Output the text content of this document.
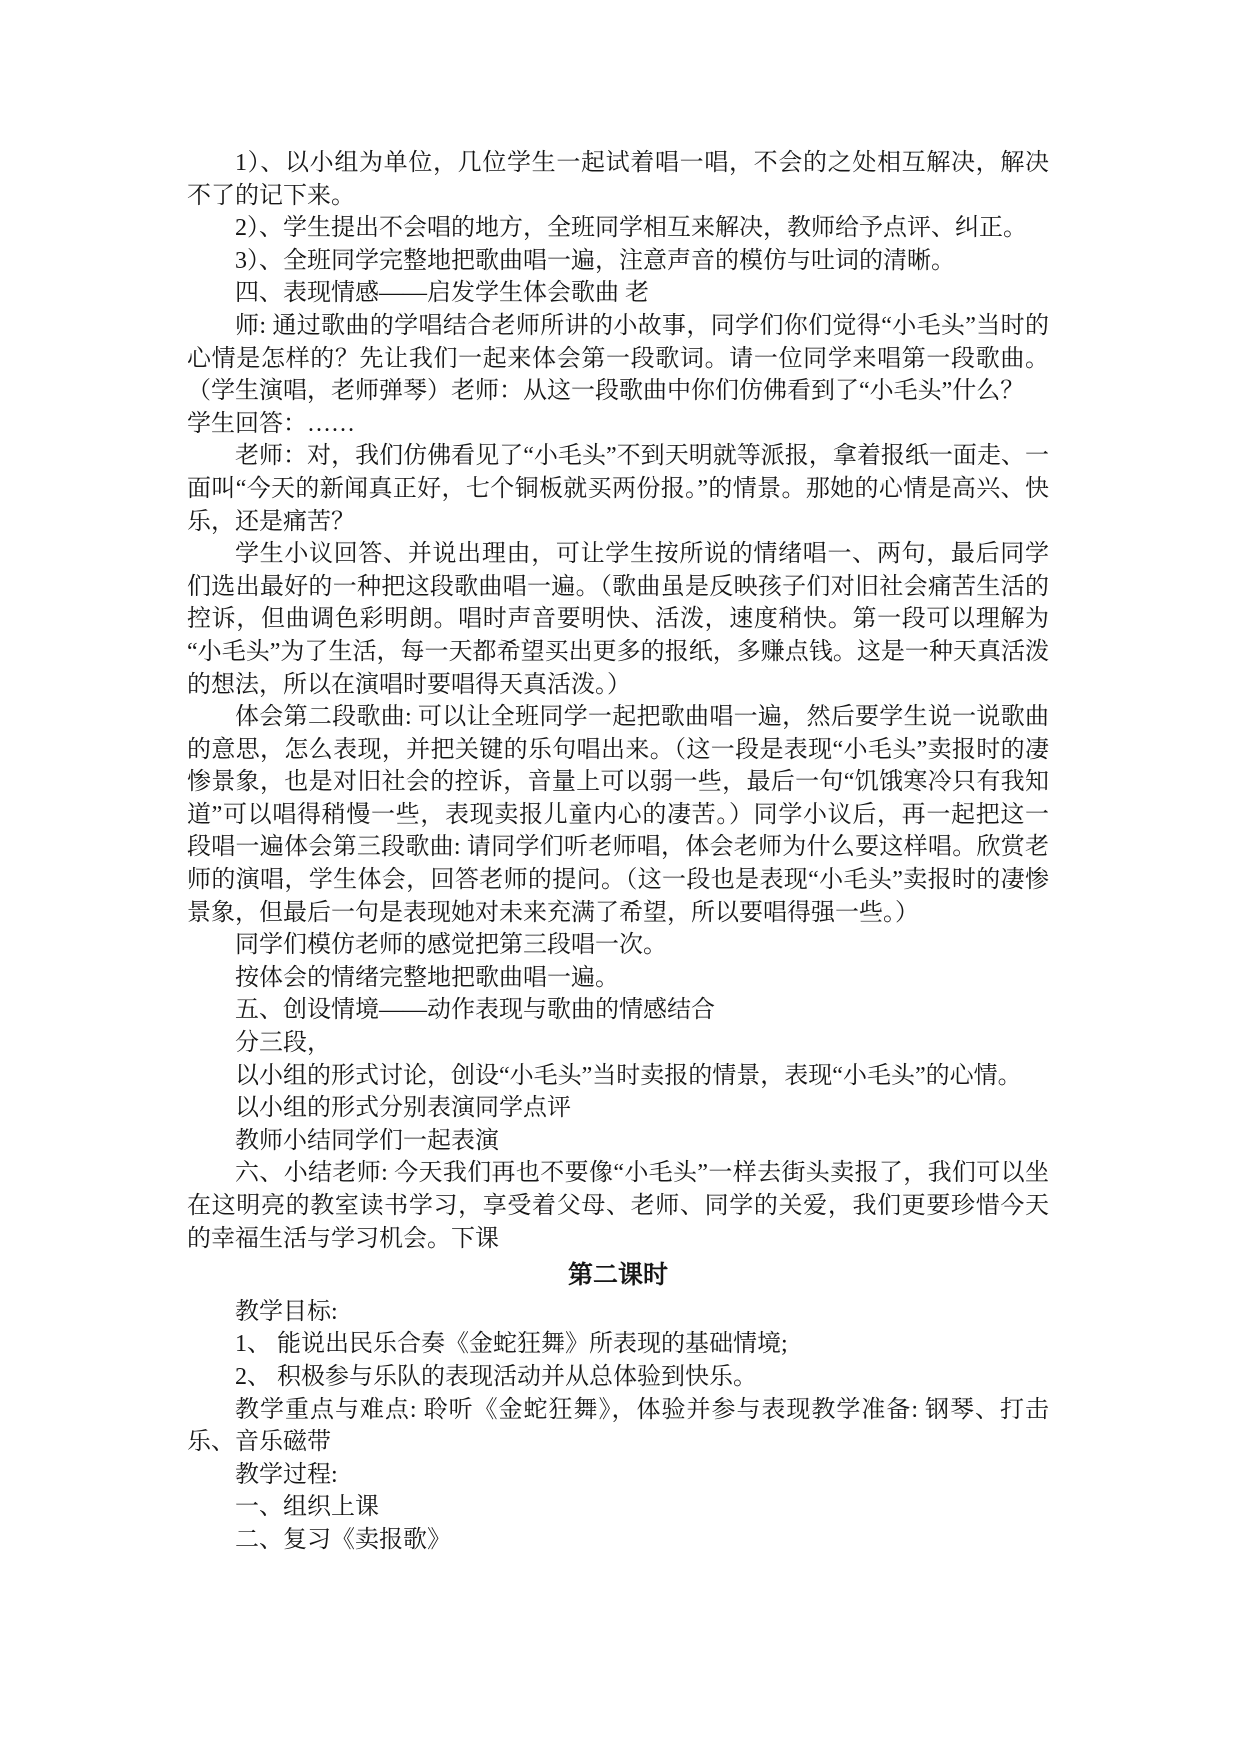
1）、以小组为单位，几位学生一起试着唱一唱，不会的之处相互解决，解决不了的记下来。

2）、学生提出不会唱的地方，全班同学相互来解决，教师给予点评、纠正。

3）、全班同学完整地把歌曲唱一遍，注意声音的模仿与吐词的清晰。

四、表现情感——启发学生体会歌曲 老

师: 通过歌曲的学唱结合老师所讲的小故事，同学们你们觉得“小毛头”当时的心情是怎样的？先让我们一起来体会第一段歌词。请一位同学来唱第一段歌曲。（学生演唱，老师弹琴）老师：从这一段歌曲中你们仿佛看到了“小毛头”什么？

学生回答：……

老师：对，我们仿佛看见了“小毛头”不到天明就等派报，拿着报纸一面走、一面叫“今天的新闻真正好，七个铜板就买两份报。”的情景。那她的心情是高兴、快乐，还是痛苦？

学生小议回答、并说出理由，可让学生按所说的情绪唱一、两句，最后同学们选出最好的一种把这段歌曲唱一遍。（歌曲虽是反映孩子们对旧社会痛苦生活的控诉，但曲调色彩明朗。唱时声音要明快、活泼，速度稍快。第一段可以理解为“小毛头”为了生活，每一天都希望买出更多的报纸，多赚点钱。这是一种天真活泼的想法，所以在演唱时要唱得天真活泼。）

体会第二段歌曲: 可以让全班同学一起把歌曲唱一遍，然后要学生说一说歌曲的意思，怎么表现，并把关键的乐句唱出来。（这一段是表现“小毛头”卖报时的凄惨景象，也是对旧社会的控诉，音量上可以弱一些，最后一句“饥饿寒冷只有我知道”可以唱得稍慢一些，表现卖报儿童内心的凄苦。）同学小议后，再一起把这一段唱一遍体会第三段歌曲: 请同学们听老师唱，体会老师为什么要这样唱。欣赏老师的演唱，学生体会，回答老师的提问。（这一段也是表现“小毛头”卖报时的凄惨景象，但最后一句是表现她对未来充满了希望，所以要唱得强一些。）

同学们模仿老师的感觉把第三段唱一次。

按体会的情绪完整地把歌曲唱一遍。

五、创设情境——动作表现与歌曲的情感结合

分三段，

以小组的形式讨论，创设“小毛头”当时卖报的情景，表现“小毛头”的心情。

以小组的形式分别表演同学点评

教师小结同学们一起表演

六、小结老师: 今天我们再也不要像“小毛头”一样去街头卖报了，我们可以坐在这明亮的教室读书学习，享受着父母、老师、同学的关爱，我们更要珍惜今天的幸福生活与学习机会。下课

第二课时

教学目标:

1、 能说出民乐合奏《金蛇狂舞》所表现的基础情境;

2、 积极参与乐队的表现活动并从总体验到快乐。

教学重点与难点: 聆听《金蛇狂舞》，体验并参与表现教学准备: 钢琴、打击乐、音乐磁带

教学过程:

一、组织上课

二、复习《卖报歌》
